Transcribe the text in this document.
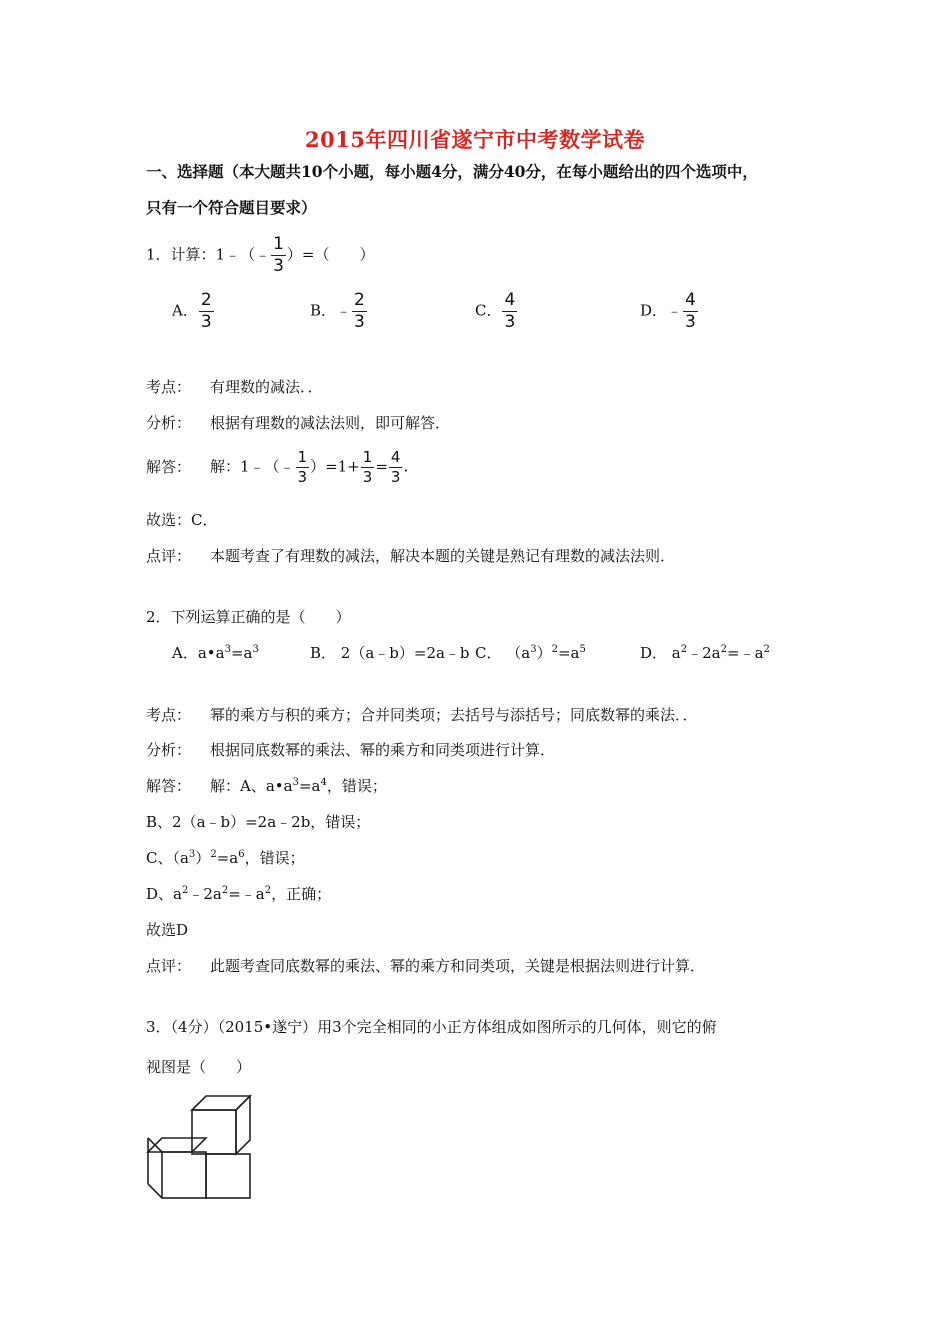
2015年四川省遂宁市中考数学试卷
一、选择题（本大题共10个小题，每小题4分，满分40分，在每小题给出的四个选项中，
只有一个符合题目要求）
1．计算：1﹣（﹣ $\frac{1}{3}$ ）=（　　）
A． $\frac{2}{3}$	B．﹣ $\frac{2}{3}$	C． $\frac{4}{3}$	D．﹣ $\frac{4}{3}$
考点： 有理数的减法．．
分析： 根据有理数的减法法则，即可解答．
解答： 解：1﹣（﹣ $\frac{1}{3} )=1+ \frac{1}{3} = \frac{4}{3}$ .
故选：C．
点评： 本题考查了有理数的减法，解决本题的关键是熟记有理数的减法法则．
2．下列运算正确的是（　　）
A．$a•a^3=a^3$	B． 2（a﹣b）=2a﹣b C． $(a^3)^2=a^5$	D． $a^2﹣2a^2=﹣a^2$
考点： 幂的乘方与积的乘方；合并同类项；去括号与添括号；同底数幂的乘法．．
分析： 根据同底数幂的乘法、幂的乘方和同类项进行计算．
解答： 解：A、$a•a^3=a^4$，错误；
B、2（a﹣b）=2a﹣2b，错误；
C、$(a^3)^2=a^6$，错误；
D、$a^2﹣2a^2=﹣a^2$，正确；
故选D
点评： 此题考查同底数幂的乘法、幂的乘方和同类项，关键是根据法则进行计算．
3．（4分）（2015•遂宁）用3个完全相同的小正方体组成如图所示的几何体，则它的俯
视图是（　　）
